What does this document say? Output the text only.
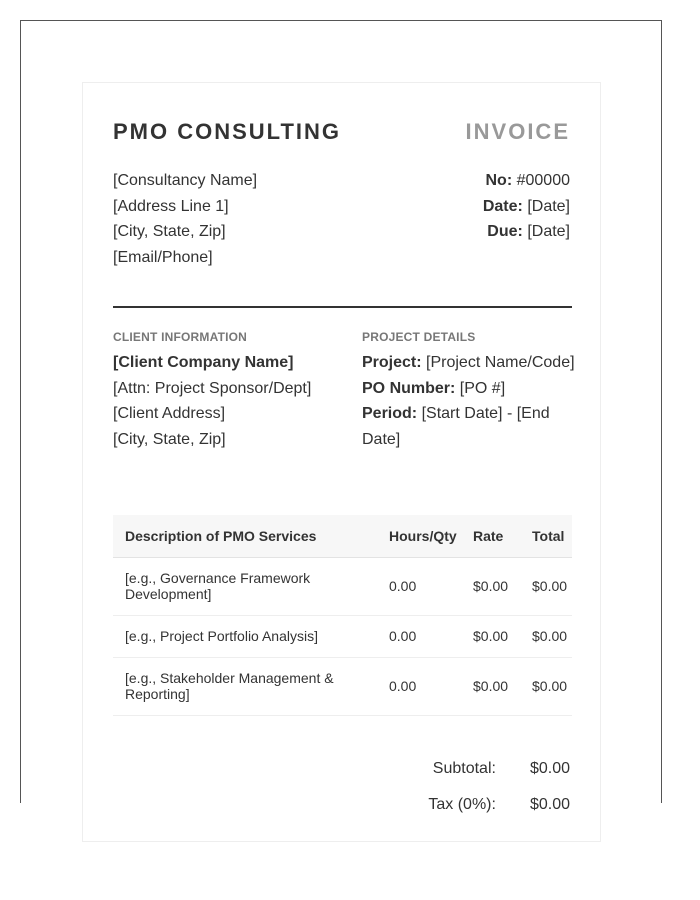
PMO CONSULTING	INVOICE
[Consultancy Name]
[Address Line 1]
[City, State, Zip]
[Email/Phone]
No: #00000
Date: [Date]
Due: [Date]
CLIENT INFORMATION
[Client Company Name]
[Attn: Project Sponsor/Dept]
[Client Address]
[City, State, Zip]
PROJECT DETAILS
Project: [Project Name/Code]
PO Number: [PO #]
Period: [Start Date] - [End Date]
Description of PMO Services	Hours/Qty	Rate	Total
[e.g., Governance Framework Development]	0.00	$0.00	$0.00
[e.g., Project Portfolio Analysis]	0.00	$0.00	$0.00
[e.g., Stakeholder Management & Reporting]	0.00	$0.00	$0.00
Subtotal: $0.00
Tax (0%): $0.00
